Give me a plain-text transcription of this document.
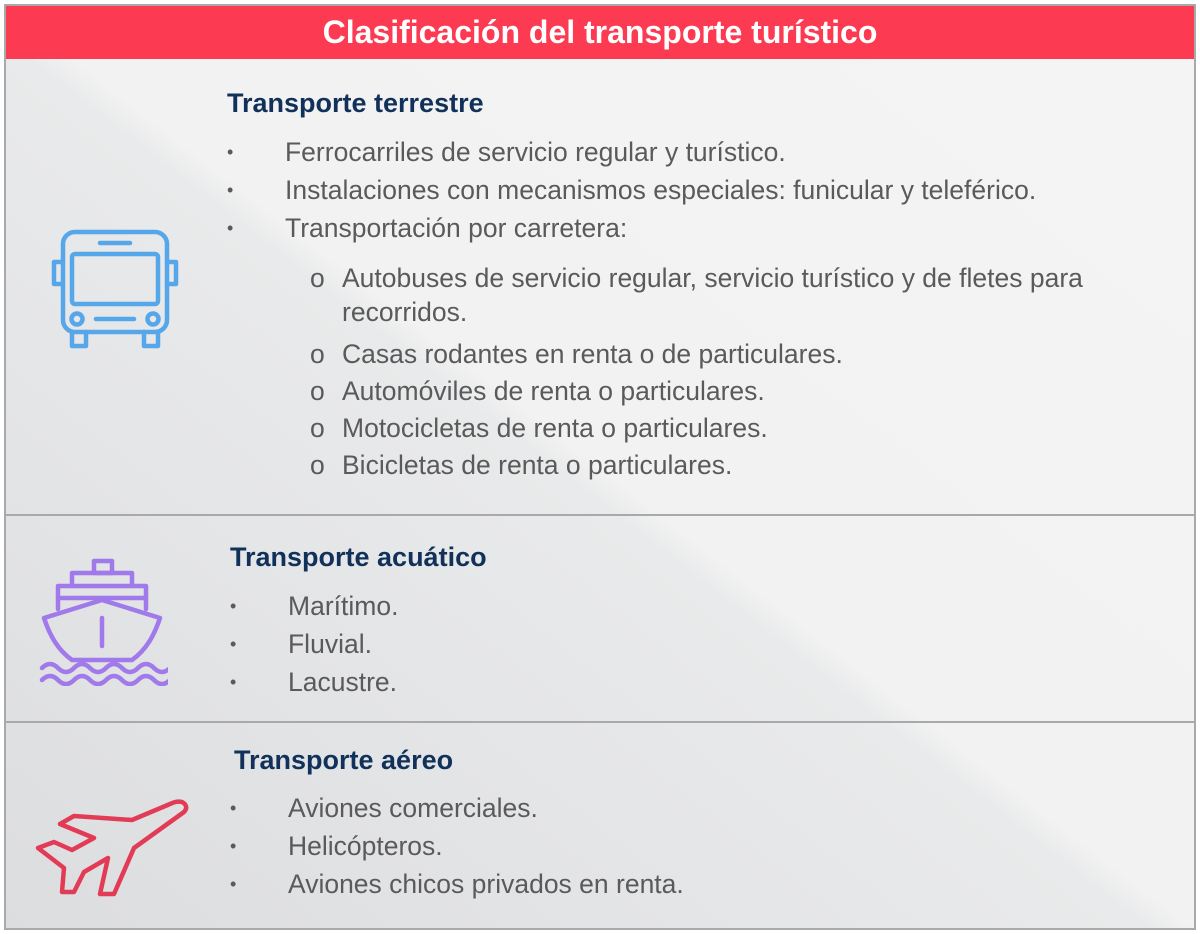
Clasificación del transporte turístico
Transporte terrestre
• Ferrocarriles de servicio regular y turístico.
• Instalaciones con mecanismos especiales: funicular y teleférico.
• Transportación por carretera:
o Autobuses de servicio regular, servicio turístico y de fletes para recorridos.
o Casas rodantes en renta o de particulares.
o Automóviles de renta o particulares.
o Motocicletas de renta o particulares.
o Bicicletas de renta o particulares.
Transporte acuático
• Marítimo.
• Fluvial.
• Lacustre.
Transporte aéreo
• Aviones comerciales.
• Helicópteros.
• Aviones chicos privados en renta.
